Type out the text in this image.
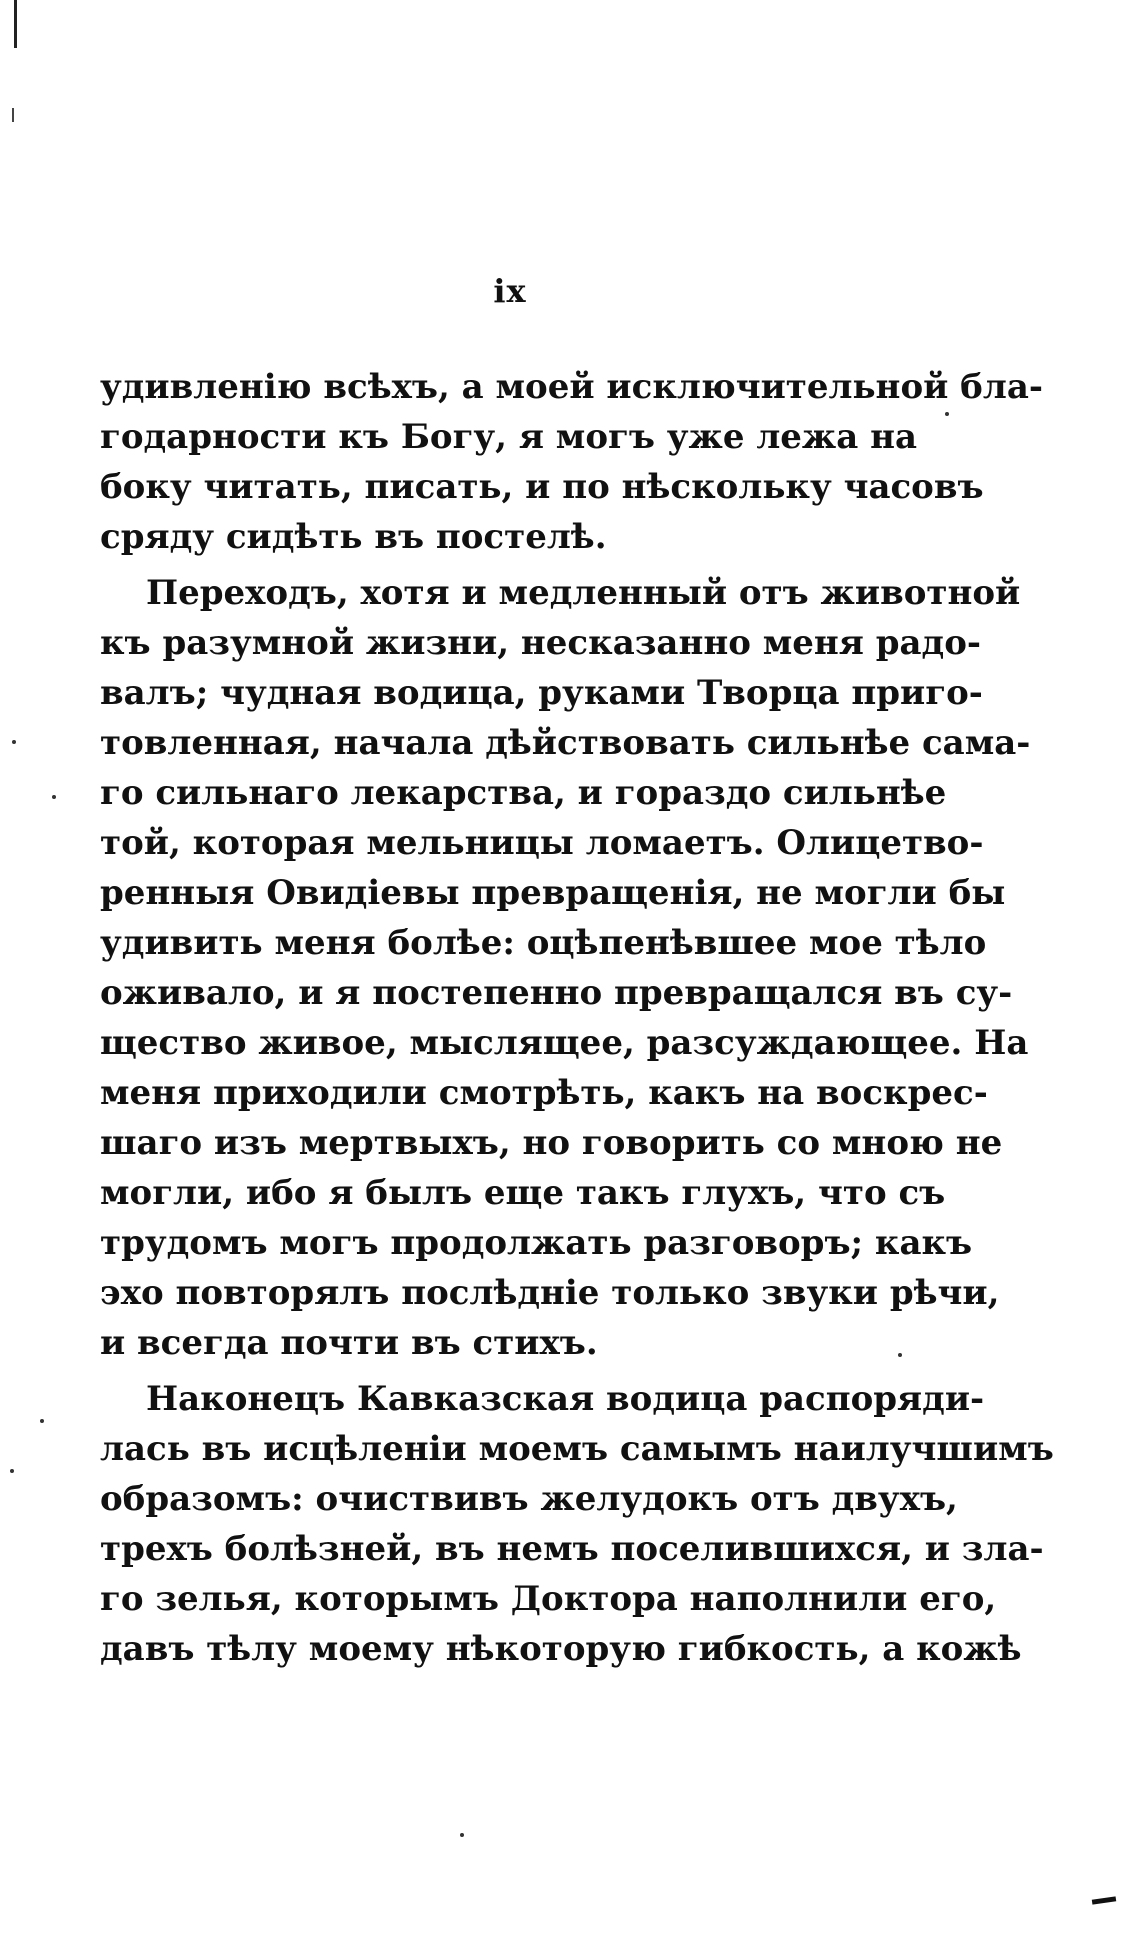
ix
удивленію всѣхъ, а моей исключительной бла-
годарности къ Богу, я могъ уже лежа на
боку читать, писать, и по нѣскольку часовъ
сряду сидѣть въ постелѣ.
Переходъ, хотя и медленный отъ животной
къ разумной жизни, несказанно меня радо-
валъ; чудная водица, руками Творца приго-
товленная, начала дѣйствовать сильнѣе сама-
го сильнаго лекарства, и гораздо сильнѣе
той, которая мельницы ломаетъ. Олицетво-
ренныя Овидіевы превращенія, не могли бы
удивить меня болѣе: оцѣпенѣвшее мое тѣло
оживало, и я постепенно превращался въ су-
щество живое, мыслящее, разсуждающее. На
меня приходили смотрѣть, какъ на воскрес-
шаго изъ мертвыхъ, но говорить со мною не
могли, ибо я былъ еще такъ глухъ, что съ
трудомъ могъ продолжать разговоръ; какъ
эхо повторялъ послѣдніе только звуки рѣчи,
и всегда почти въ стихъ.
Наконецъ Кавказская водица распоряди-
лась въ исцѣленіи моемъ самымъ наилучшимъ
образомъ: очиствивъ желудокъ отъ двухъ,
трехъ болѣзней, въ немъ поселившихся, и зла-
го зелья, которымъ Доктора наполнили его,
давъ тѣлу моему нѣкоторую гибкость, а кожѣ
